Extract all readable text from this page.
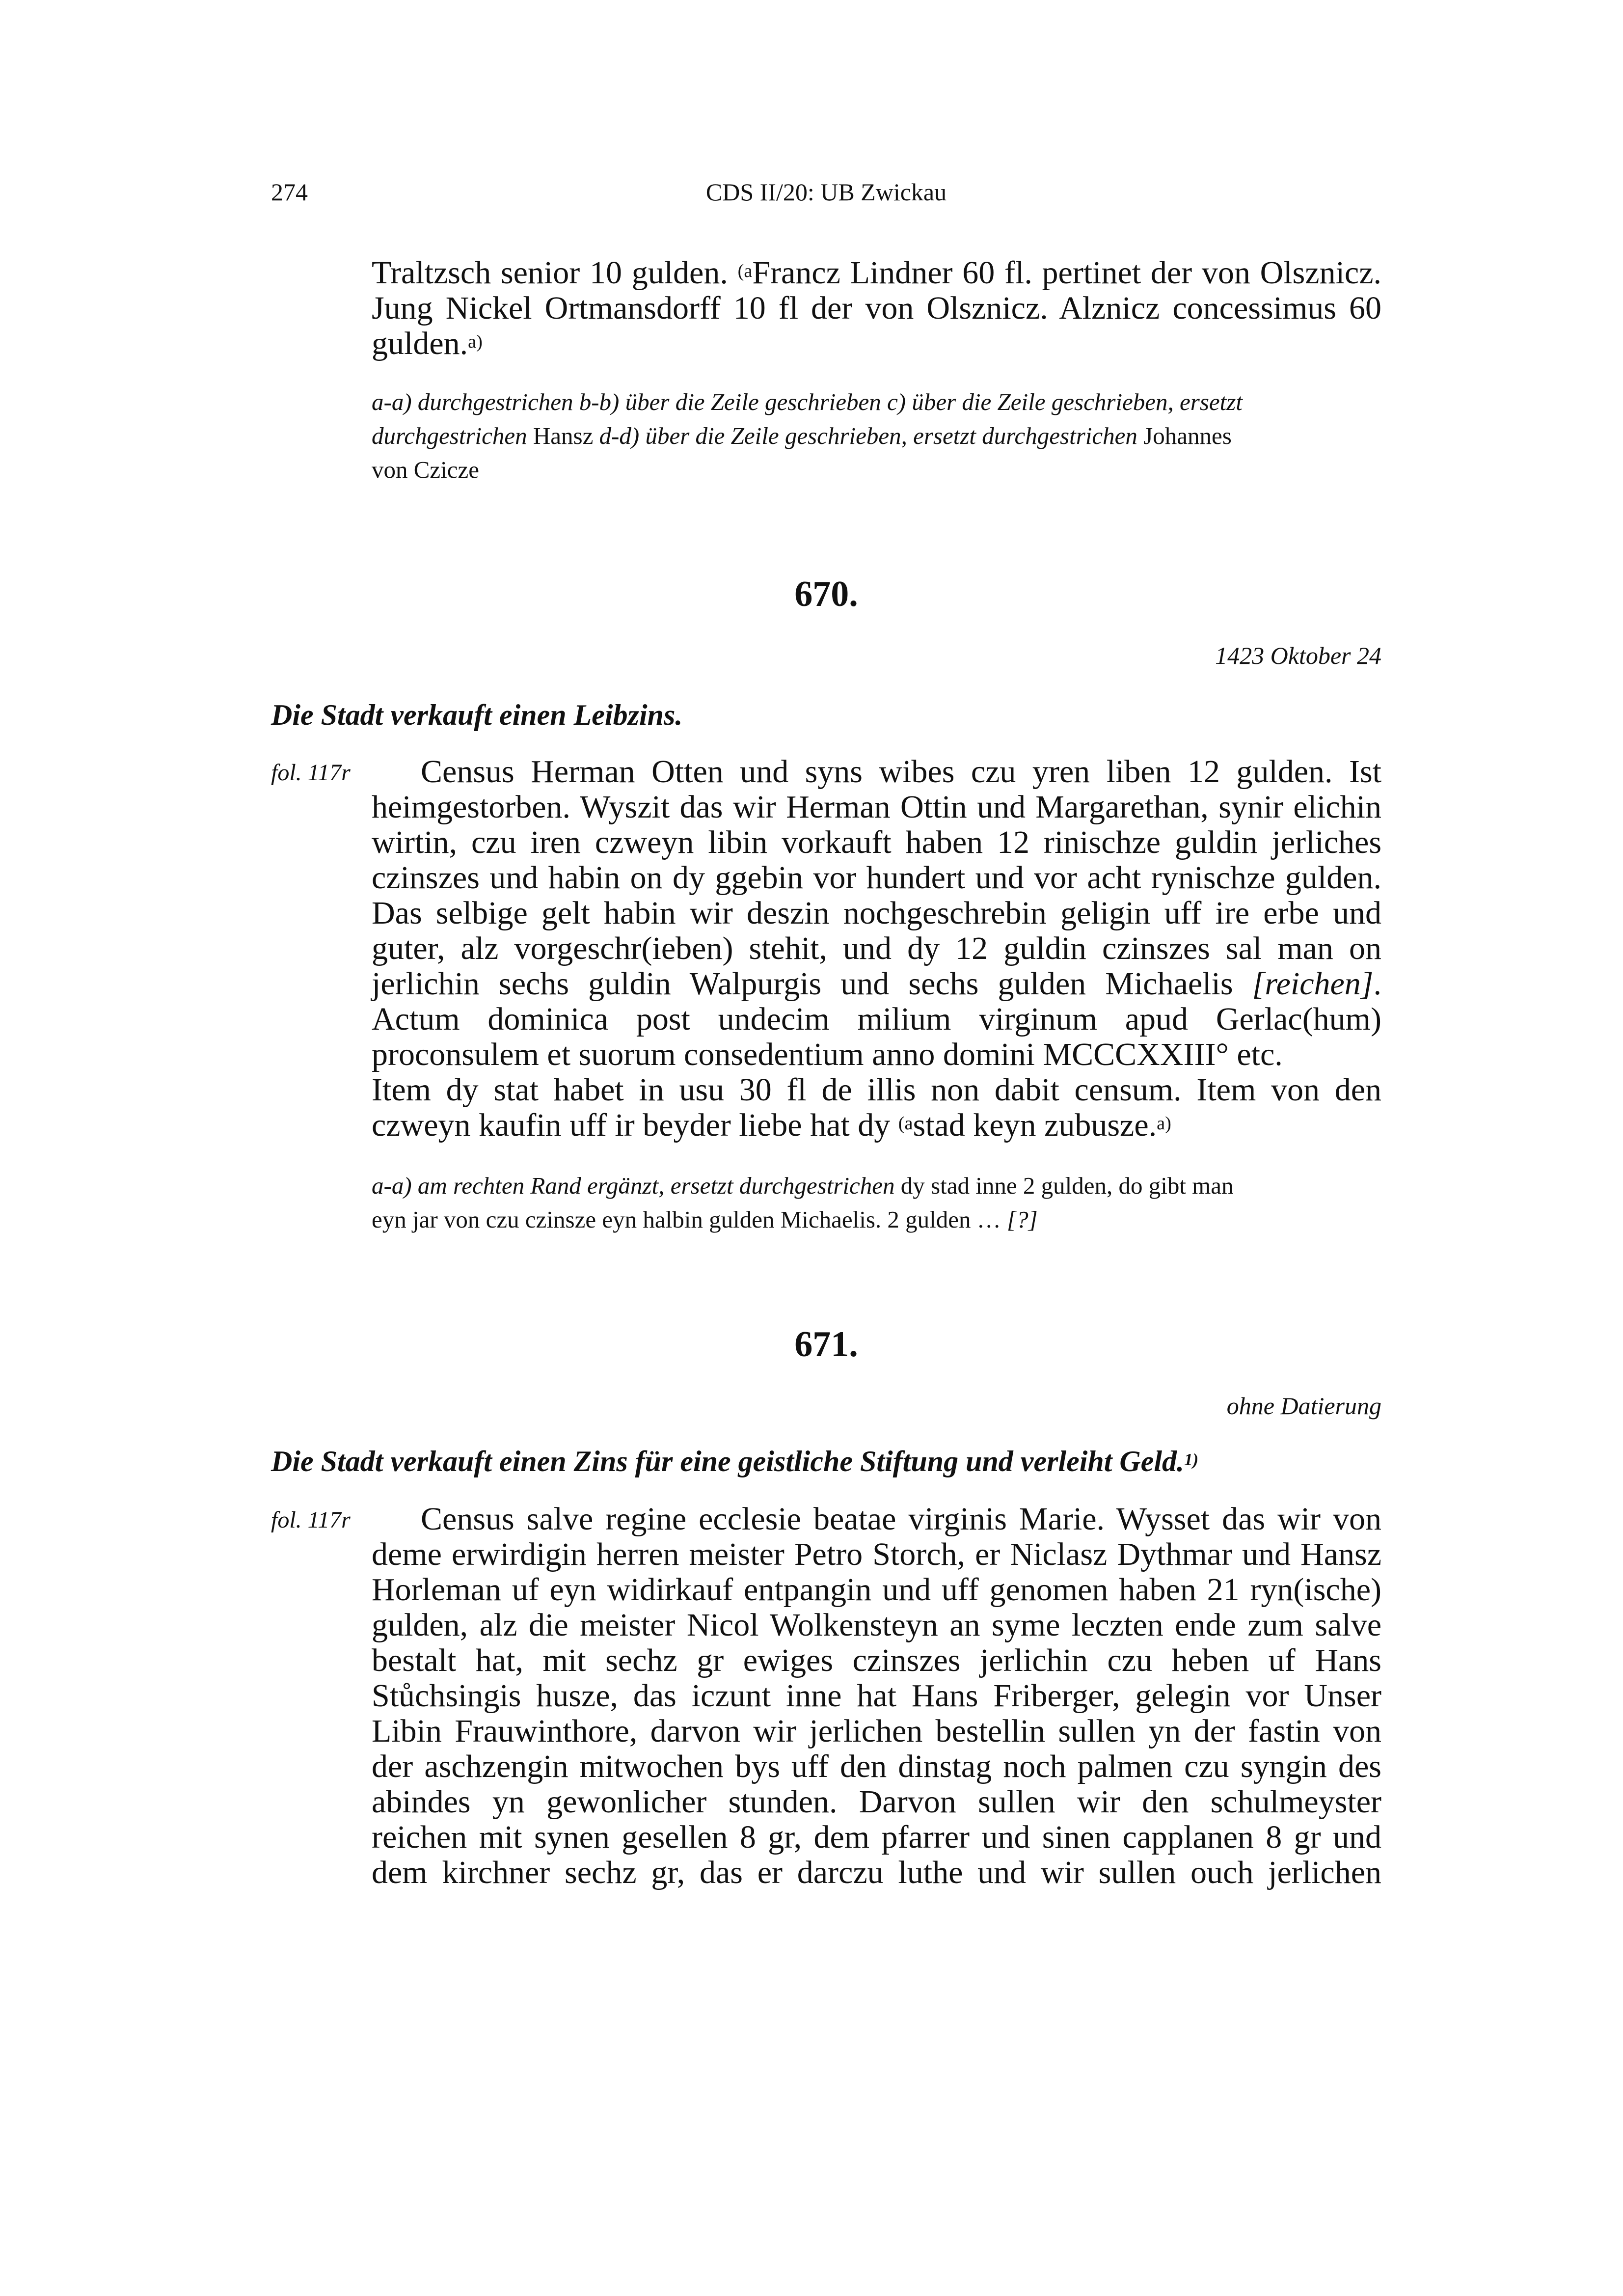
274	CDS II/20: UB Zwickau
Traltzsch senior 10 gulden. $^{(a}$Francz Lindner 60 fl. pertinet der von Olsznicz.
Jung Nickel Ortmansdorff 10 fl der von Olsznicz. Alznicz concessimus 60
gulden.$^{a)}$
a-a) durchgestrichen b-b) über die Zeile geschrieben c) über die Zeile geschrieben, ersetzt
durchgestrichen Hansz d-d) über die Zeile geschrieben, ersetzt durchgestrichen Johannes
von Czicze
670.
1423 Oktober 24
Die Stadt verkauft einen Leibzins.
fol. 117r	Census Herman Otten und syns wibes czu yren liben 12 gulden. Ist
heimgestorben. Wyszit das wir Herman Ottin und Margarethan, synir elichin
wirtin, czu iren czweyn libin vorkauft haben 12 rinischze guldin jerliches
czinszes und habin on dy ggebin vor hundert und vor acht rynischze gulden.
Das selbige gelt habin wir deszin nochgeschrebin geligin uff ire erbe und
guter, alz vorgeschr(ieben) stehit, und dy 12 guldin czinszes sal man on
jerlichin sechs guldin Walpurgis und sechs gulden Michaelis [reichen].
Actum dominica post undecim milium virginum apud Gerlac(hum)
proconsulem et suorum consedentium anno domini MCCCXXIII° etc.
Item dy stat habet in usu 30 fl de illis non dabit censum. Item von den
czweyn kaufin uff ir beyder liebe hat dy $^{(a}$stad keyn zubusze.$^{a)}$
a-a) am rechten Rand ergänzt, ersetzt durchgestrichen dy stad inne 2 gulden, do gibt man
eyn jar von czu czinsze eyn halbin gulden Michaelis. 2 gulden … [?]
671.
ohne Datierung
Die Stadt verkauft einen Zins für eine geistliche Stiftung und verleiht Geld.$^{1)}$
fol. 117r	Census salve regine ecclesie beatae virginis Marie. Wysset das wir von
deme erwirdigin herren meister Petro Storch, er Niclasz Dythmar und Hansz
Horleman uf eyn widirkauf entpangin und uff genomen haben 21 ryn(ische)
gulden, alz die meister Nicol Wolkensteyn an syme leczten ende zum salve
bestalt hat, mit sechz gr ewiges czinszes jerlichin czu heben uf Hans
Stůchsingis husze, das iczunt inne hat Hans Friberger, gelegin vor Unser
Libin Frauwinthore, darvon wir jerlichen bestellin sullen yn der fastin von
der aschzengin mitwochen bys uff den dinstag noch palmen czu syngin des
abindes yn gewonlicher stunden. Darvon sullen wir den schulmeyster
reichen mit synen gesellen 8 gr, dem pfarrer und sinen capplanen 8 gr und
dem kirchner sechz gr, das er darczu luthe und wir sullen ouch jerlichen
